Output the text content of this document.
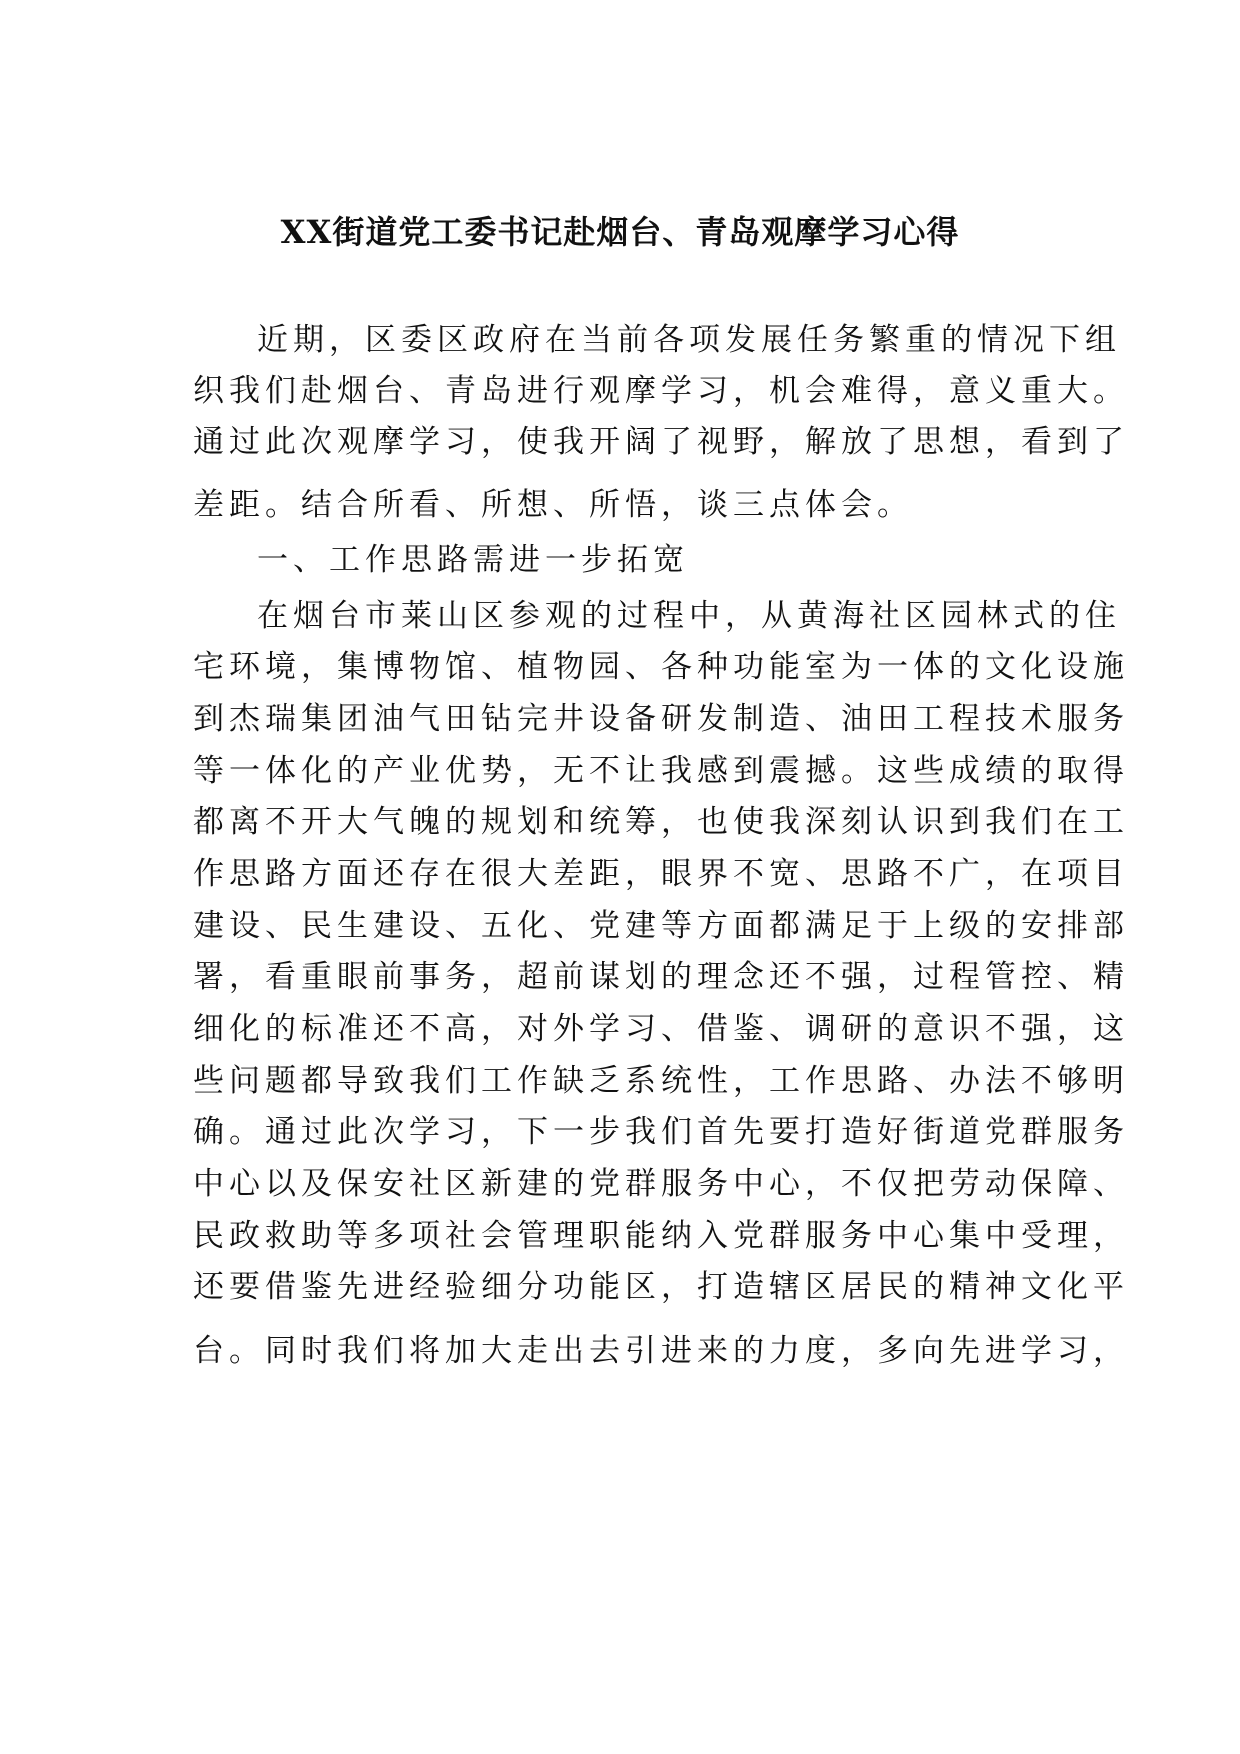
XX街道党工委书记赴烟台、青岛观摩学习心得
近期，区委区政府在当前各项发展任务繁重的情况下组
织我们赴烟台、青岛进行观摩学习，机会难得，意义重大。
通过此次观摩学习，使我开阔了视野，解放了思想，看到了
差距。结合所看、所想、所悟，谈三点体会。
一、工作思路需进一步拓宽
在烟台市莱山区参观的过程中，从黄海社区园林式的住
宅环境，集博物馆、植物园、各种功能室为一体的文化设施
到杰瑞集团油气田钻完井设备研发制造、油田工程技术服务
等一体化的产业优势，无不让我感到震撼。这些成绩的取得
都离不开大气魄的规划和统筹，也使我深刻认识到我们在工
作思路方面还存在很大差距，眼界不宽、思路不广，在项目
建设、民生建设、五化、党建等方面都满足于上级的安排部
署，看重眼前事务，超前谋划的理念还不强，过程管控、精
细化的标准还不高，对外学习、借鉴、调研的意识不强，这
些问题都导致我们工作缺乏系统性，工作思路、办法不够明
确。通过此次学习，下一步我们首先要打造好街道党群服务
中心以及保安社区新建的党群服务中心，不仅把劳动保障、
民政救助等多项社会管理职能纳入党群服务中心集中受理，
还要借鉴先进经验细分功能区，打造辖区居民的精神文化平
台。同时我们将加大走出去引进来的力度，多向先进学习，
